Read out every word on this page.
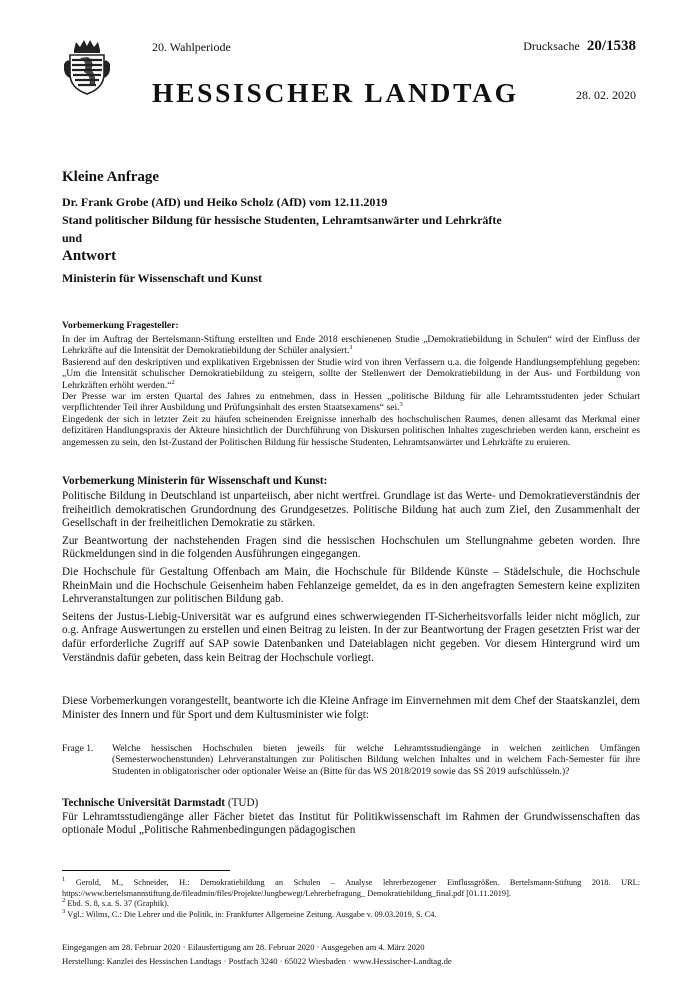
20. Wahlperiode	Drucksache 20/1538
HESSISCHER LANDTAG	28. 02. 2020
Kleine Anfrage
Dr. Frank Grobe (AfD) und Heiko Scholz (AfD) vom 12.11.2019
Stand politischer Bildung für hessische Studenten, Lehramtsanwärter und Lehrkräfte
und
Antwort
Ministerin für Wissenschaft und Kunst
Vorbemerkung Fragesteller:

In der im Auftrag der Bertelsmann-Stiftung erstellten und Ende 2018 erschienenen Studie „Demokratiebildung in Schulen“ wird der Einfluss der Lehrkräfte auf die Intensität der Demokratiebildung der Schüler analysiert.$^1$

Basierend auf den deskriptiven und explikativen Ergebnissen der Studie wird von ihren Verfassern u.a. die folgende Handlungsempfehlung gegeben: „Um die Intensität schulischer Demokratiebildung zu steigern, sollte der Stellenwert der Demokratiebildung in der Aus- und Fortbildung von Lehrkräften erhöht werden.“$^2$

Der Presse war im ersten Quartal des Jahres zu entnehmen, dass in Hessen „politische Bildung für alle Lehramtsstudenten jeder Schulart verpflichtender Teil ihrer Ausbildung und Prüfungsinhalt des ersten Staatsexamens“ sei.$^3$

Eingedenk der sich in letzter Zeit zu häufen scheinenden Ereignisse innerhalb des hochschulischen Raumes, denen allesamt das Merkmal einer defizitären Handlungspraxis der Akteure hinsichtlich der Durchführung von Diskursen politischen Inhaltes zugeschrieben werden kann, erscheint es angemessen zu sein, den Ist-Zustand der Politischen Bildung für hessische Studenten, Lehramtsanwärter und Lehrkräfte zu eruieren.

Vorbemerkung Ministerin für Wissenschaft und Kunst:

Politische Bildung in Deutschland ist unparteiisch, aber nicht wertfrei. Grundlage ist das Werte- und Demokratieverständnis der freiheitlich demokratischen Grundordnung des Grundgesetzes. Politische Bildung hat auch zum Ziel, den Zusammenhalt der Gesellschaft in der freiheitlichen Demokratie zu stärken.

Zur Beantwortung der nachstehenden Fragen sind die hessischen Hochschulen um Stellungnahme gebeten worden. Ihre Rückmeldungen sind in die folgenden Ausführungen eingegangen.

Die Hochschule für Gestaltung Offenbach am Main, die Hochschule für Bildende Künste – Städelschule, die Hochschule RheinMain und die Hochschule Geisenheim haben Fehlanzeige gemeldet, da es in den angefragten Semestern keine expliziten Lehrveranstaltungen zur politischen Bildung gab.

Seitens der Justus-Liebig-Universität war es aufgrund eines schwerwiegenden IT-Sicherheitsvorfalls leider nicht möglich, zur o.g. Anfrage Auswertungen zu erstellen und einen Beitrag zu leisten. In der zur Beantwortung der Fragen gesetzten Frist war der dafür erforderliche Zugriff auf SAP sowie Datenbanken und Dateiablagen nicht gegeben. Vor diesem Hintergrund wird um Verständnis dafür gebeten, dass kein Beitrag der Hochschule vorliegt.

Diese Vorbemerkungen vorangestellt, beantworte ich die Kleine Anfrage im Einvernehmen mit dem Chef der Staatskanzlei, dem Minister des Innern und für Sport und dem Kultusminister wie folgt:

Frage 1.	Welche hessischen Hochschulen bieten jeweils für welche Lehramtsstudiengänge in welchen zeitlichen Umfängen (Semesterwochenstunden) Lehrveranstaltungen zur Politischen Bildung welchen Inhaltes und in welchem Fach-Semester für ihre Studenten in obligatorischer oder optionaler Weise an (Bitte für das WS 2018/2019 sowie das SS 2019 aufschlüsseln.)?
Technische Universität Darmstadt (TUD)
Für Lehramtsstudiengänge aller Fächer bietet das Institut für Politikwissenschaft im Rahmen der Grundwissenschaften das optionale Modul „Politische Rahmenbedingungen pädagogischen

$^1$ Gerold, M., Schneider, H.: Demokratiebildung an Schulen – Analyse lehrerbezogener Einflussgrößen. Bertelsmann-Stiftung 2018. URL: https://www.bertelsmannstiftung.de/fileadmin/files/Projekte/Jungbewegt/Lehrerbefragung_ Demokratiebildung_final.pdf [01.11.2019].

$^2$ Ebd. S. 8, s.a. S. 37 (Graphik).

$^3$ Vgl.: Wilms, C.: Die Lehrer und die Politik, in: Frankfurter Allgemeine Zeitung. Ausgabe v. 09.03.2019, S. C4.

Eingegangen am 28. Februar 2020 · Eilausfertigung am 28. Februar 2020 · Ausgegeben am 4. März 2020
Herstellung: Kanzlei des Hessischen Landtags · Postfach 3240 · 65022 Wiesbaden · www.Hessischer-Landtag.de
